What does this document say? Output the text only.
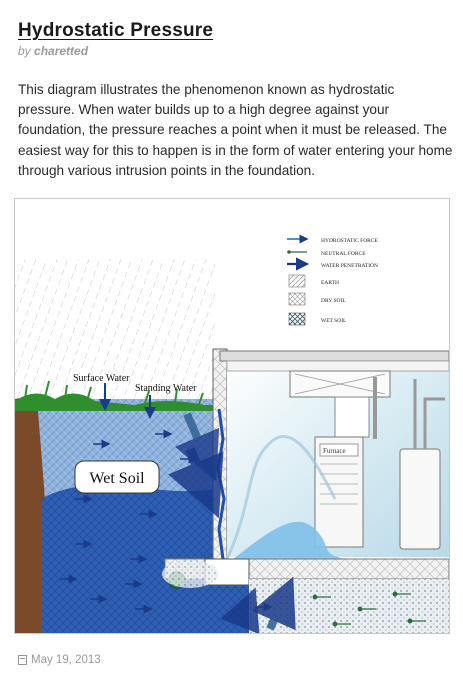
Hydrostatic Pressure
by charetted
This diagram illustrates the phenomenon known as hydrostatic pressure. When water builds up to a high degree against your foundation, the pressure reaches a point when it must be released. The easiest way for this to happen is in the form of water entering your home through various intrusion points in the foundation.
Furnace
Wet Soil
Surface Water
Standing Water
HYDROSTATIC FORCE
NEUTRAL FORCE
WATER PENETRATION
EARTH
DRY SOIL
WET SOIL
May 19, 2013
